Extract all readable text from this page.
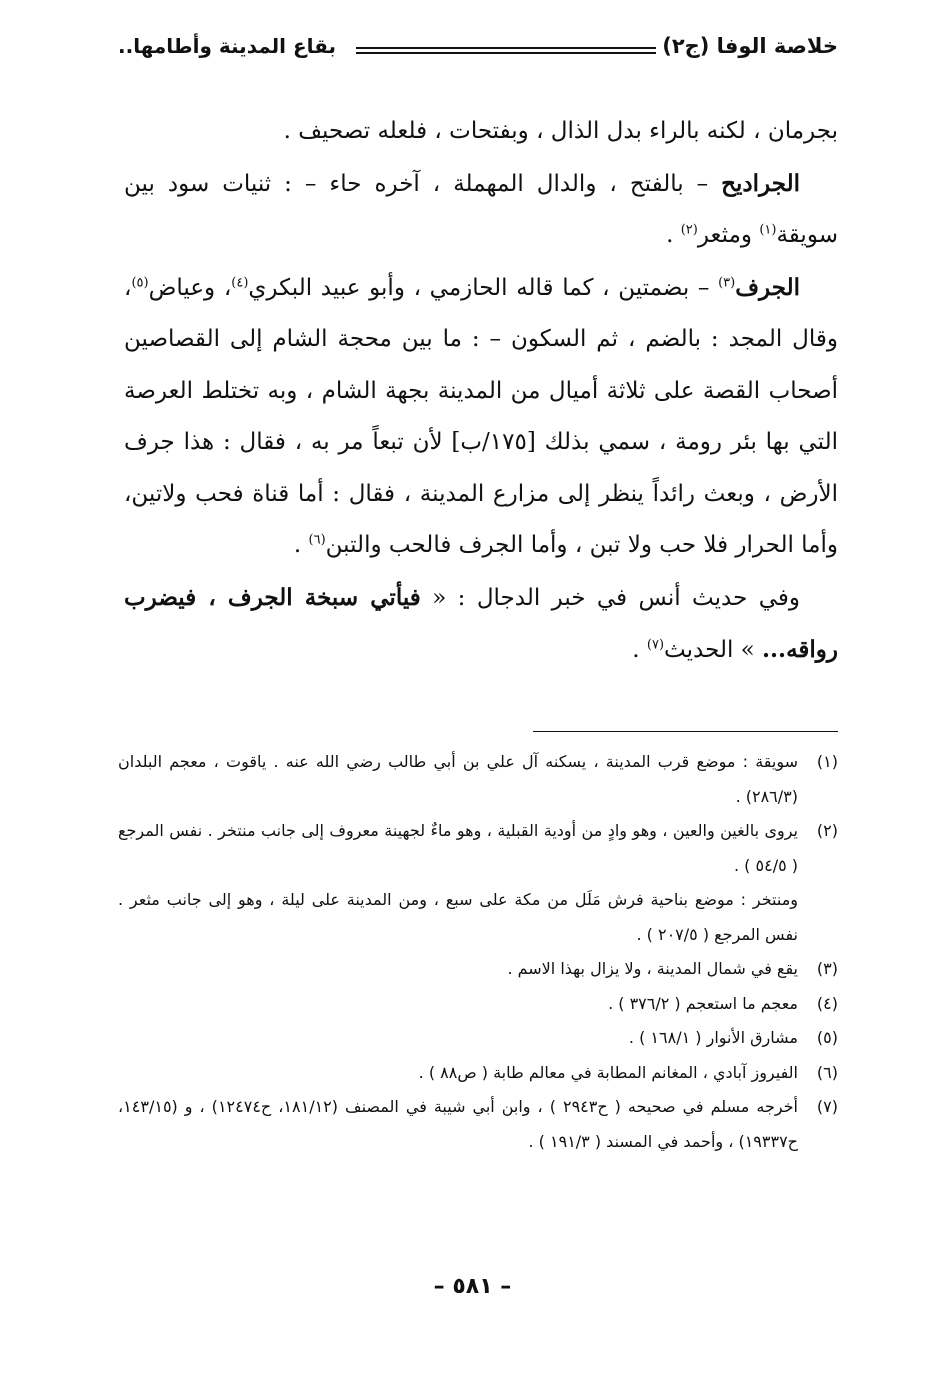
خلاصة الوفا (ج٢)
بقاع المدينة وأطامها..

بجرمان ، لكنه بالراء بدل الذال ، وبفتحات ، فلعله تصحيف .

الجراديح – بالفتح ، والدال المهملة ، آخره حاء – : ثنيات سود بين سويقة$^{(١)}$ ومثعر$^{(٢)}$ .

الجرف$^{(٣)}$ – بضمتين ، كما قاله الحازمي ، وأبو عبيد البكري$^{(٤)}$، وعياض$^{(٥)}$، وقال المجد : بالضم ، ثم السكون – : ما بين محجة الشام إلى القصاصين أصحاب القصة على ثلاثة أميال من المدينة بجهة الشام ، وبه تختلط العرصة التي بها بئر رومة ، سمي بذلك [١٧٥/ب] لأن تبعاً مر به ، فقال : هذا جرف الأرض ، وبعث رائداً ينظر إلى مزارع المدينة ، فقال : أما قناة فحب ولاتين، وأما الحرار فلا حب ولا تبن ، وأما الجرف فالحب والتبن$^{(٦)}$ .

وفي حديث أنس في خبر الدجال : « فيأتي سبخة الجرف ، فيضرب رواقه... » الحديث$^{(٧)}$ .

(١)
سويقة : موضع قرب المدينة ، يسكنه آل علي بن أبي طالب رضي الله عنه . ياقوت ، معجم البلدان (٢٨٦/٣) .
(٢)
يروى بالغين والعين ، وهو وادٍ من أودية القبلية ، وهو ماءٌ لجهينة معروف إلى جانب منتخر . نفس المرجع ( ٥٤/٥ ) .
ومنتخر : موضع بناحية فرش مَلَل من مكة على سبع ، ومن المدينة على ليلة ، وهو إلى جانب مثعر . نفس المرجع ( ٢٠٧/٥ ) .
(٣)
يقع في شمال المدينة ، ولا يزال بهذا الاسم .
(٤)
معجم ما استعجم ( ٣٧٦/٢ ) .
(٥)
مشارق الأنوار ( ١٦٨/١ ) .
(٦)
الفيروز آبادي ، المغانم المطابة في معالم طابة ( ص٨٨ ) .
(٧)
أخرجه مسلم في صحيحه ( ح٢٩٤٣ ) ، وابن أبي شيبة في المصنف (١٨١/١٢، ح١٢٤٧٤) ، و (١٤٣/١٥، ح١٩٣٣٧) ، وأحمد في المسند ( ١٩١/٣ ) .
– ٥٨١ –
